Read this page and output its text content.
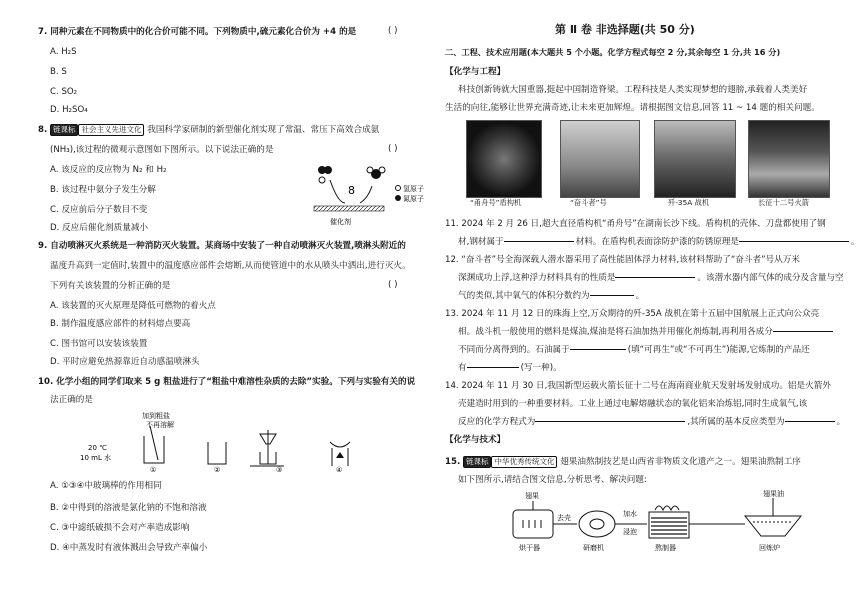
7. 同种元素在不同物质中的化合价可能不同。下列物质中,硫元素化合价为 +4 的是	( )
A. H₂S
B. S
C. SO₂
D. H₂SO₄
8. 链课标 社会主义先进文化 我国科学家研制的新型催化剂实现了常温、常压下高效合成氨
(NH₃),该过程的微观示意图如下图所示。以下说法正确的是	( )
A. 该反应的反应物为 N₂ 和 H₂
B. 该过程中氨分子发生分解
C. 反应前后分子数目不变
D. 反应后催化剂质量减小
8
催化剂
氢原子
氮原子
9. 自动喷淋灭火系统是一种消防灭火装置。某商场中安装了一种自动喷淋灭火装置,喷淋头附近的
温度升高到一定值时,装置中的温度感应部件会熔断,从而使管道中的水从喷头中洒出,进行灭火。
下列有关该装置的分析正确的是	( )
A. 该装置的灭火原理是降低可燃物的着火点
B. 制作温度感应部件的材料熔点要高
C. 图书馆可以安装该装置
D. 平时应避免热源靠近自动感温喷淋头
10. 化学小组的同学们取来 5 g 粗盐进行了“粗盐中难溶性杂质的去除”实验。下列与实验有关的说
法正确的是
加到粗盐
不再溶解
20 ℃
10 mL 水
①	②	③	④
A. ①③④中玻璃棒的作用相同
B. ②中得到的溶液是氯化钠的不饱和溶液
C. ③中滤纸破损不会对产率造成影响
D. ④中蒸发时有液体溅出会导致产率偏小
第 Ⅱ 卷 非选择题(共 50 分)
二、工程、技术应用题(本大题共 5 个小题。化学方程式每空 2 分,其余每空 1 分,共 16 分)
【化学与工程】
科技创新铸就大国重器,挺起中国制造脊梁。工程科技是人类实现梦想的翅膀,承载着人类美好
生活的向往,能够让世界充满奇迹,让未来更加辉煌。请根据图文信息,回答 11 ~ 14 题的相关问题。
“甬舟号”盾构机	“奋斗者”号	歼-35A 战机	长征十二号火箭
11. 2024 年 2 月 26 日,超大直径盾构机“甬舟号”在湖南长沙下线。盾构机的壳体、刀盘都使用了钢
材,钢材属于	材料。在盾构机表面涂防护漆的防锈原理是	。
12. “奋斗者”号全海深载人潜水器采用了高性能固体浮力材料,该材料帮助了“奋斗者”号从万米
深渊成功上浮,这种浮力材料具有的性质是	。该潜水器内部气体的成分及含量与空
气的类似,其中氧气的体积分数约为	。
13. 2024 年 11 月 12 日的珠海上空,万众期待的歼-35A 战机在第十五届中国航展上正式向公众亮
相。战斗机一般使用的燃料是煤油,煤油是将石油加热并用催化剂炼制,再利用各成分
不同而分离得到的。石油属于	(填“可再生”或“不可再生”)能源,它炼制的产品还
有	(写一种)。
14. 2024 年 11 月 30 日,我国新型运载火箭长征十二号在海南商业航天发射场发射成功。铝是火箭外
壳建造时用到的一种重要材料。工业上通过电解熔融状态的氧化铝来冶炼铝,同时生成氧气,该
反应的化学方程式为	,其所属的基本反应类型为	。
【化学与技术】
15. 链课标 中华优秀传统文化 翅果油熬制技艺是山西省非物质文化遗产之一。翅果油熬制工序
如下图所示,请结合图文信息,分析思考、解决问题:
翅果
烘干器
去壳
研磨机
加水
浸泡
熬制器
翅果油
回炼炉
